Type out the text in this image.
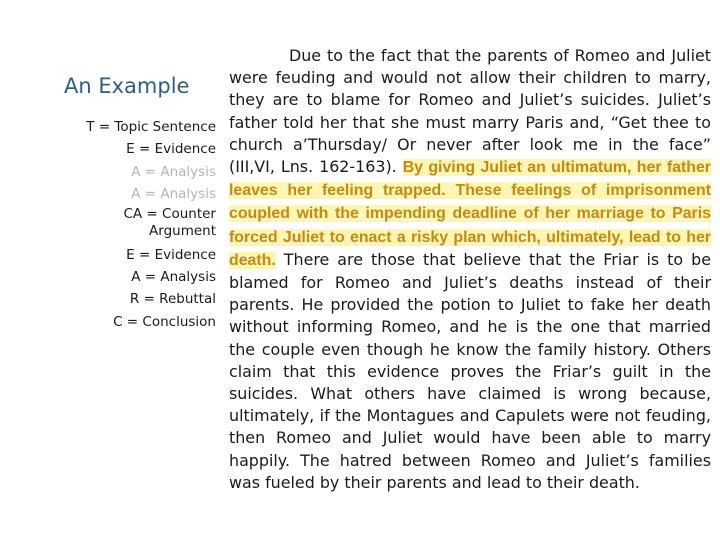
An Example
T = Topic Sentence
E = Evidence
A = Analysis
A = Analysis
CA = Counter Argument
E = Evidence
A = Analysis
R = Rebuttal
C = Conclusion

Due to the fact that the parents of Romeo and Juliet were feuding and would not allow their children to marry, they are to blame for Romeo and Juliet’s suicides. Juliet’s father told her that she must marry Paris and, “Get thee to church a’Thursday/ Or never after look me in the face” (III,VI, Lns. 162-163). By giving Juliet an ultimatum, her father leaves her feeling trapped. These feelings of imprisonment coupled with the impending deadline of her marriage to Paris forced Juliet to enact a risky plan which, ultimately, lead to her death. There are those that believe that the Friar is to be blamed for Romeo and Juliet’s deaths instead of their parents. He provided the potion to Juliet to fake her death without informing Romeo, and he is the one that married the couple even though he know the family history. Others claim that this evidence proves the Friar’s guilt in the suicides. What others have claimed is wrong because, ultimately, if the Montagues and Capulets were not feuding, then Romeo and Juliet would have been able to marry happily. The hatred between Romeo and Juliet’s families was fueled by their parents and lead to their death.
